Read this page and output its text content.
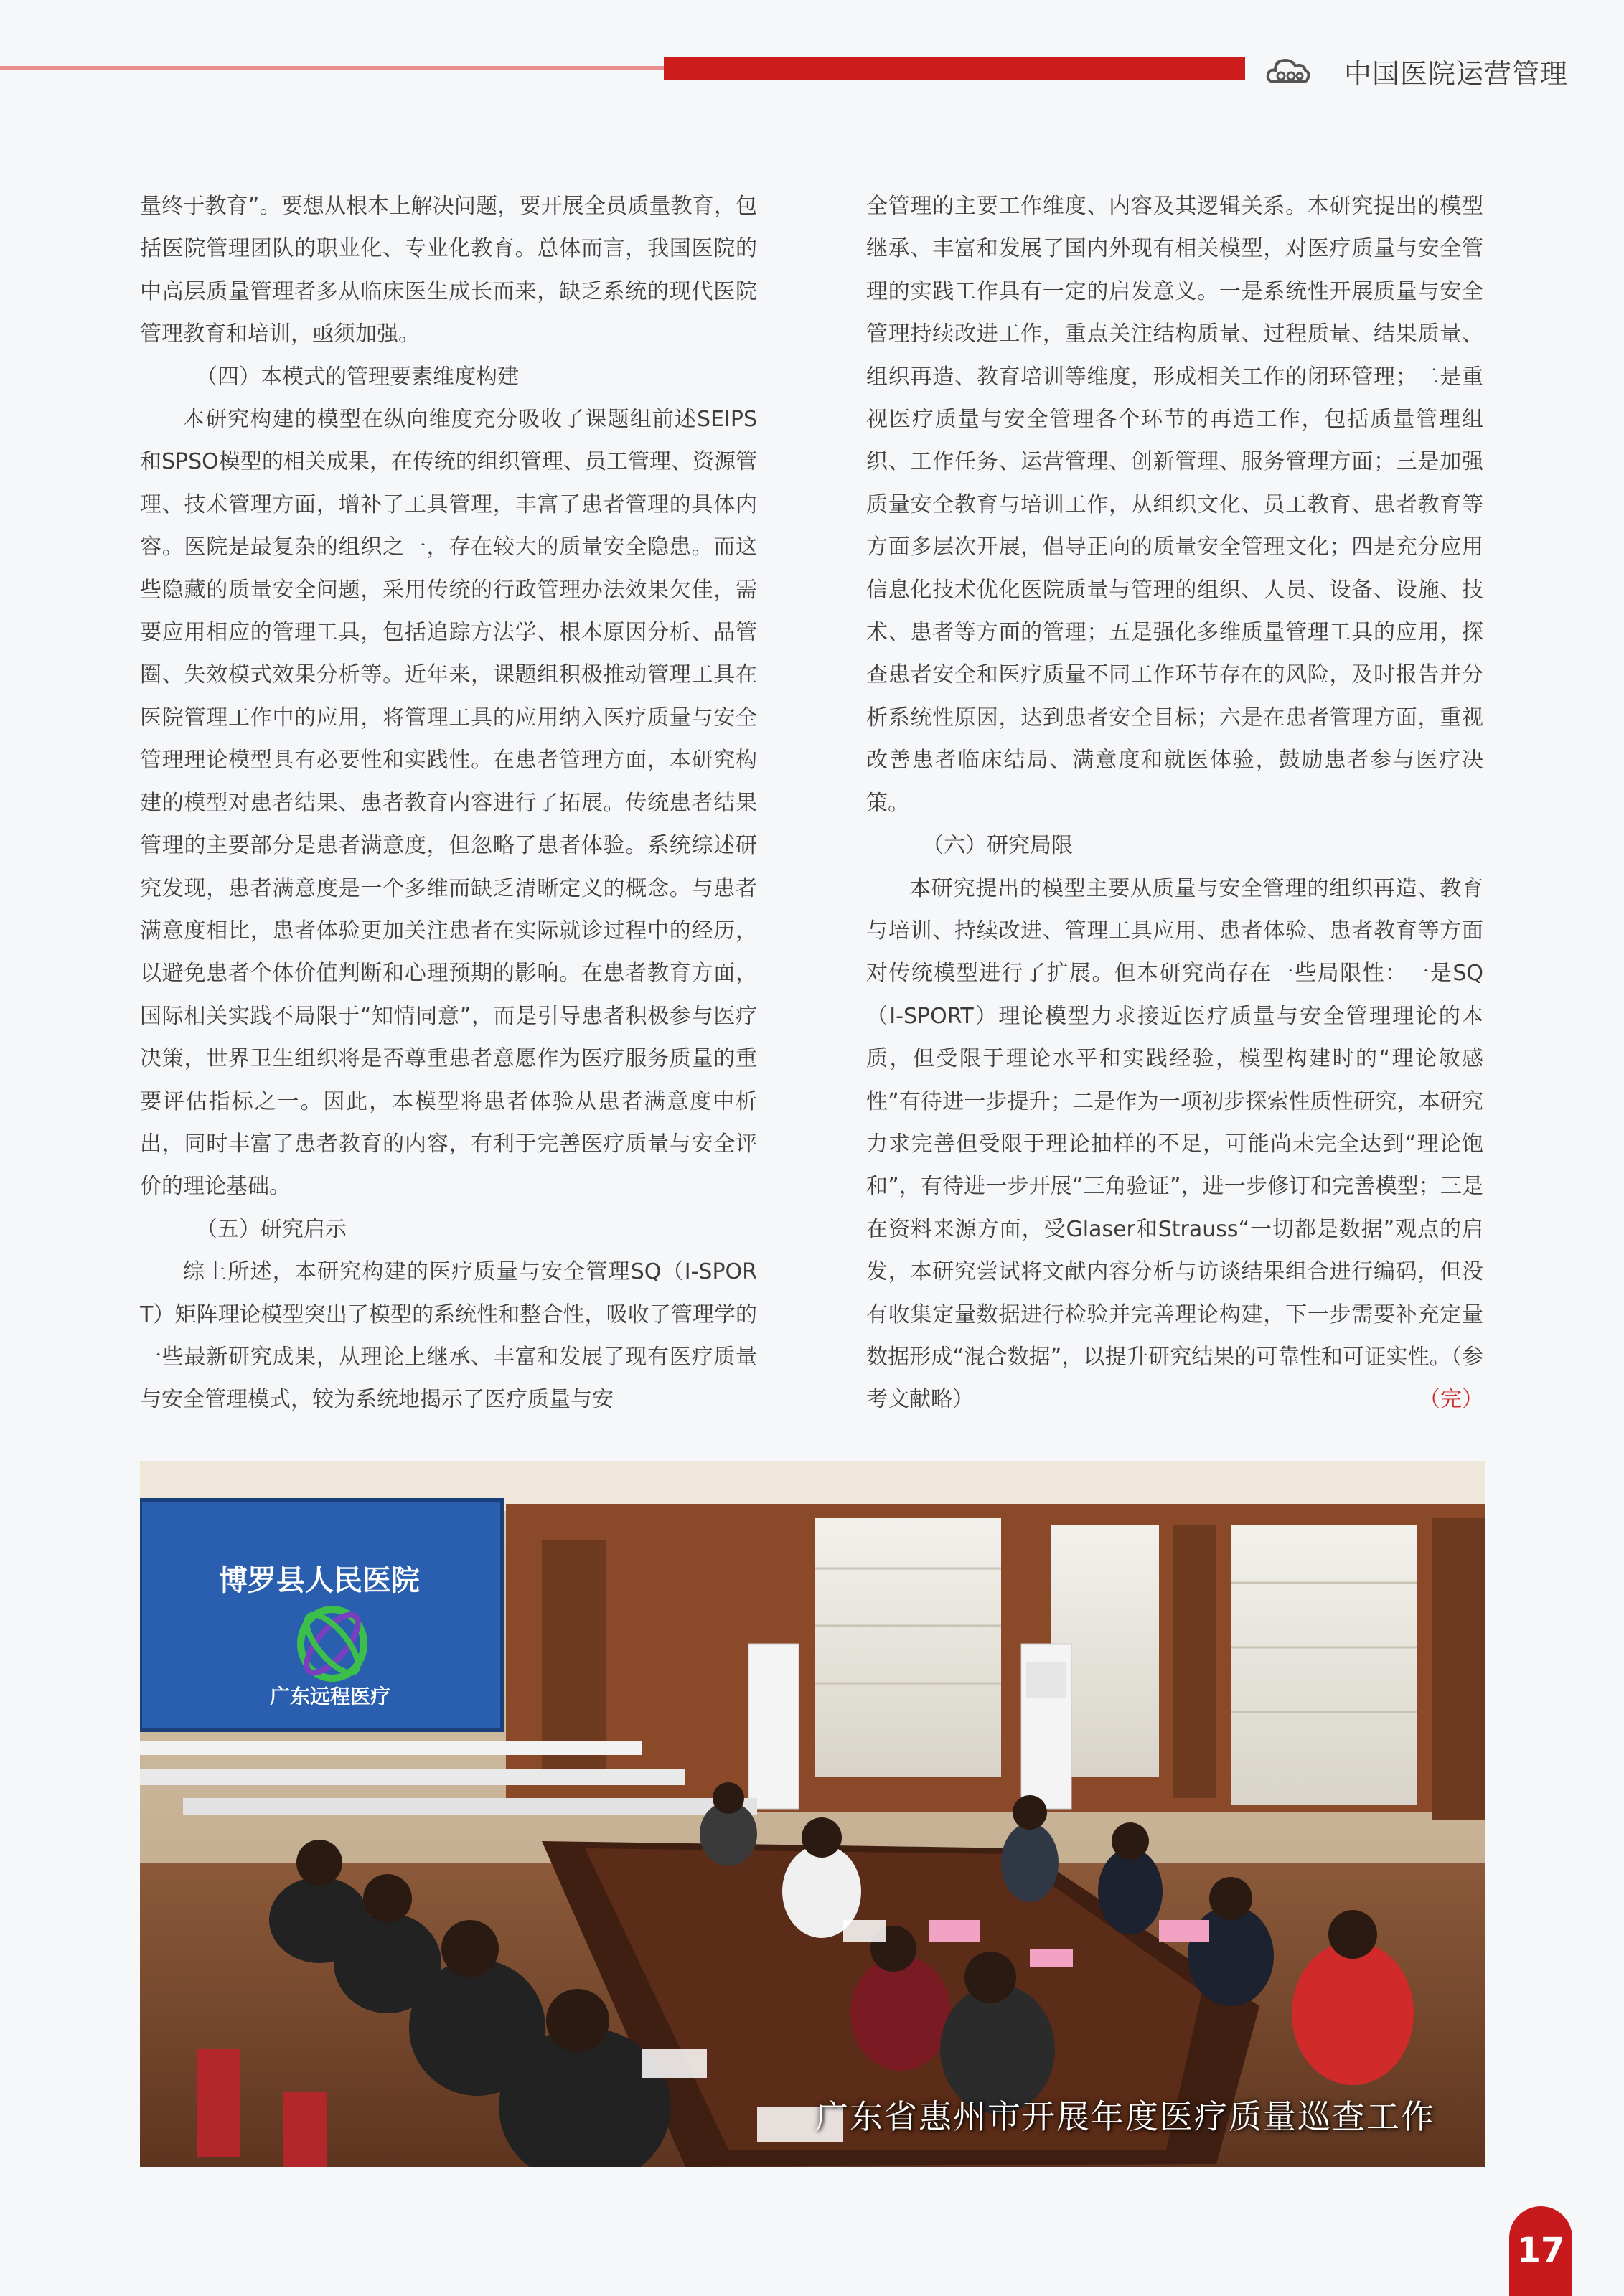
中国医院运营管理

量终于教育”。要想从根本上解决问题，要开展全员质量教育，包括医院管理团队的职业化、专业化教育。总体而言，我国医院的中高层质量管理者多从临床医生成长而来，缺乏系统的现代医院管理教育和培训，亟须加强。

（四）本模式的管理要素维度构建

本研究构建的模型在纵向维度充分吸收了课题组前述SEIPS和SPSO模型的相关成果，在传统的组织管理、员工管理、资源管理、技术管理方面，增补了工具管理，丰富了患者管理的具体内容。医院是最复杂的组织之一，存在较大的质量安全隐患。而这些隐藏的质量安全问题，采用传统的行政管理办法效果欠佳，需要应用相应的管理工具，包括追踪方法学、根本原因分析、品管圈、失效模式效果分析等。近年来，课题组积极推动管理工具在医院管理工作中的应用，将管理工具的应用纳入医疗质量与安全管理理论模型具有必要性和实践性。在患者管理方面，本研究构建的模型对患者结果、患者教育内容进行了拓展。传统患者结果管理的主要部分是患者满意度，但忽略了患者体验。系统综述研究发现，患者满意度是一个多维而缺乏清晰定义的概念。与患者满意度相比，患者体验更加关注患者在实际就诊过程中的经历，以避免患者个体价值判断和心理预期的影响。在患者教育方面，国际相关实践不局限于“知情同意”，而是引导患者积极参与医疗决策，世界卫生组织将是否尊重患者意愿作为医疗服务质量的重要评估指标之一。因此，本模型将患者体验从患者满意度中析出，同时丰富了患者教育的内容，有利于完善医疗质量与安全评价的理论基础。

（五）研究启示

综上所述，本研究构建的医疗质量与安全管理SQ（I-SPORT）矩阵理论模型突出了模型的系统性和整合性，吸收了管理学的一些最新研究成果，从理论上继承、丰富和发展了现有医疗质量与安全管理模式，较为系统地揭示了医疗质量与安

全管理的主要工作维度、内容及其逻辑关系。本研究提出的模型继承、丰富和发展了国内外现有相关模型，对医疗质量与安全管理的实践工作具有一定的启发意义。一是系统性开展质量与安全管理持续改进工作，重点关注结构质量、过程质量、结果质量、组织再造、教育培训等维度，形成相关工作的闭环管理；二是重视医疗质量与安全管理各个环节的再造工作，包括质量管理组织、工作任务、运营管理、创新管理、服务管理方面；三是加强质量安全教育与培训工作，从组织文化、员工教育、患者教育等方面多层次开展，倡导正向的质量安全管理文化；四是充分应用信息化技术优化医院质量与管理的组织、人员、设备、设施、技术、患者等方面的管理；五是强化多维质量管理工具的应用，探查患者安全和医疗质量不同工作环节存在的风险，及时报告并分析系统性原因，达到患者安全目标；六是在患者管理方面，重视改善患者临床结局、满意度和就医体验，鼓励患者参与医疗决策。

（六）研究局限

本研究提出的模型主要从质量与安全管理的组织再造、教育与培训、持续改进、管理工具应用、患者体验、患者教育等方面对传统模型进行了扩展。但本研究尚存在一些局限性：一是SQ（I-SPORT）理论模型力求接近医疗质量与安全管理理论的本质，但受限于理论水平和实践经验，模型构建时的“理论敏感性”有待进一步提升；二是作为一项初步探索性质性研究，本研究力求完善但受限于理论抽样的不足，可能尚未完全达到“理论饱和”，有待进一步开展“三角验证”，进一步修订和完善模型；三是在资料来源方面，受Glaser和Strauss“一切都是数据”观点的启发，本研究尝试将文献内容分析与访谈结果组合进行编码，但没有收集定量数据进行检验并完善理论构建，下一步需要补充定量数据形成“混合数据”，以提升研究结果的可靠性和可证实性。（参考文献略）	（完）

博罗县人民医院
广东远程医疗
广东省惠州市开展年度医疗质量巡查工作
17
